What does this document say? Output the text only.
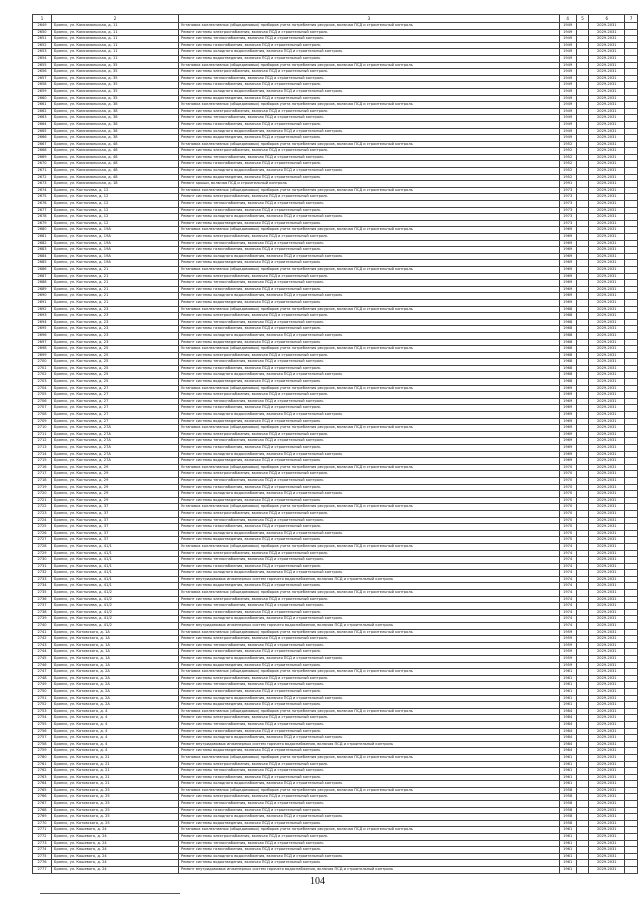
1	2	3	4	5	6	7
2649	Брянск, ул. Комсомольская, д. 11	Установка коллективных (общедомовых) приборов учета потребления ресурсов, включая ПСД и строительный контроль	1949		2029-2031	
2650	Брянск, ул. Комсомольская, д. 11	Ремонт системы электроснабжения, включая ПСД и строительный контроль	1949		2029-2031	
2651	Брянск, ул. Комсомольская, д. 11	Ремонт системы теплоснабжения, включая ПСД и строительный контроль	1949		2029-2031	
2652	Брянск, ул. Комсомольская, д. 11	Ремонт системы газоснабжения, включая ПСД и строительный контроль	1949		2029-2031	
2653	Брянск, ул. Комсомольская, д. 11	Ремонт системы холодного водоснабжения, включая ПСД и строительный контроль	1949		2029-2031	
2654	Брянск, ул. Комсомольская, д. 11	Ремонт системы водоотведения, включая ПСД и строительный контроль	1949		2029-2031	
2655	Брянск, ул. Комсомольская, д. 35	Установка коллективных (общедомовых) приборов учета потребления ресурсов, включая ПСД и строительный контроль	1949		2029-2031	
2656	Брянск, ул. Комсомольская, д. 35	Ремонт системы электроснабжения, включая ПСД и строительный контроль	1949		2029-2031	
2657	Брянск, ул. Комсомольская, д. 35	Ремонт системы теплоснабжения, включая ПСД и строительный контроль	1949		2029-2031	
2658	Брянск, ул. Комсомольская, д. 35	Ремонт системы газоснабжения, включая ПСД и строительный контроль	1949		2029-2031	
2659	Брянск, ул. Комсомольская, д. 35	Ремонт системы холодного водоснабжения, включая ПСД и строительный контроль	1949		2029-2031	
2660	Брянск, ул. Комсомольская, д. 35	Ремонт системы водоотведения, включая ПСД и строительный контроль	1949		2029-2031	
2661	Брянск, ул. Комсомольская, д. 38	Установка коллективных (общедомовых) приборов учета потребления ресурсов, включая ПСД и строительный контроль	1949		2029-2031	
2662	Брянск, ул. Комсомольская, д. 38	Ремонт системы электроснабжения, включая ПСД и строительный контроль	1949		2029-2031	
2663	Брянск, ул. Комсомольская, д. 38	Ремонт системы теплоснабжения, включая ПСД и строительный контроль	1949		2029-2031	
2664	Брянск, ул. Комсомольская, д. 38	Ремонт системы газоснабжения, включая ПСД и строительный контроль	1949		2029-2031	
2665	Брянск, ул. Комсомольская, д. 38	Ремонт системы холодного водоснабжения, включая ПСД и строительный контроль	1949		2029-2031	
2666	Брянск, ул. Комсомольская, д. 38	Ремонт системы водоотведения, включая ПСД и строительный контроль	1949		2029-2031	
2667	Брянск, ул. Комсомольская, д. 48	Установка коллективных (общедомовых) приборов учета потребления ресурсов, включая ПСД и строительный контроль	1952		2029-2031	
2668	Брянск, ул. Комсомольская, д. 48	Ремонт системы электроснабжения, включая ПСД и строительный контроль	1952		2029-2031	
2669	Брянск, ул. Комсомольская, д. 48	Ремонт системы теплоснабжения, включая ПСД и строительный контроль	1952		2029-2031	
2670	Брянск, ул. Комсомольская, д. 48	Ремонт системы газоснабжения, включая ПСД и строительный контроль	1952		2029-2031	
2671	Брянск, ул. Комсомольская, д. 48	Ремонт системы холодного водоснабжения, включая ПСД и строительный контроль	1952		2029-2031	
2672	Брянск, ул. Комсомольская, д. 48	Ремонт системы водоотведения, включая ПСД и строительный контроль	1952		2029-2031	
2673	Брянск, ул. Комсомольская, д. 18	Ремонт крыши, включая ПСД и строительный контроль	1991		2029-2031	
2674	Брянск, ул. Костычева, д. 12	Установка коллективных (общедомовых) приборов учета потребления ресурсов, включая ПСД и строительный контроль	1973		2029-2031	
2675	Брянск, ул. Костычева, д. 12	Ремонт системы электроснабжения, включая ПСД и строительный контроль	1973		2029-2031	
2676	Брянск, ул. Костычева, д. 12	Ремонт системы теплоснабжения, включая ПСД и строительный контроль	1973		2029-2031	
2677	Брянск, ул. Костычева, д. 12	Ремонт системы газоснабжения, включая ПСД и строительный контроль	1973		2029-2031	
2678	Брянск, ул. Костычева, д. 12	Ремонт системы холодного водоснабжения, включая ПСД и строительный контроль	1973		2029-2031	
2679	Брянск, ул. Костычева, д. 12	Ремонт системы водоотведения, включая ПСД и строительный контроль	1973		2029-2031	
2680	Брянск, ул. Костычева, д. 19А	Установка коллективных (общедомовых) приборов учета потребления ресурсов, включая ПСД и строительный контроль	1969		2029-2031	
2681	Брянск, ул. Костычева, д. 19А	Ремонт системы электроснабжения, включая ПСД и строительный контроль	1969		2029-2031	
2682	Брянск, ул. Костычева, д. 19А	Ремонт системы теплоснабжения, включая ПСД и строительный контроль	1969		2029-2031	
2683	Брянск, ул. Костычева, д. 19А	Ремонт системы газоснабжения, включая ПСД и строительный контроль	1969		2029-2031	
2684	Брянск, ул. Костычева, д. 19А	Ремонт системы холодного водоснабжения, включая ПСД и строительный контроль	1969		2029-2031	
2685	Брянск, ул. Костычева, д. 19А	Ремонт системы водоотведения, включая ПСД и строительный контроль	1969		2029-2031	
2686	Брянск, ул. Костычева, д. 21	Установка коллективных (общедомовых) приборов учета потребления ресурсов, включая ПСД и строительный контроль	1969		2029-2031	
2687	Брянск, ул. Костычева, д. 21	Ремонт системы электроснабжения, включая ПСД и строительный контроль	1969		2029-2031	
2688	Брянск, ул. Костычева, д. 21	Ремонт системы теплоснабжения, включая ПСД и строительный контроль	1969		2029-2031	
2689	Брянск, ул. Костычева, д. 21	Ремонт системы газоснабжения, включая ПСД и строительный контроль	1969		2029-2031	
2690	Брянск, ул. Костычева, д. 21	Ремонт системы холодного водоснабжения, включая ПСД и строительный контроль	1969		2029-2031	
2691	Брянск, ул. Костычева, д. 21	Ремонт системы водоотведения, включая ПСД и строительный контроль	1969		2029-2031	
2692	Брянск, ул. Костычева, д. 23	Установка коллективных (общедомовых) приборов учета потребления ресурсов, включая ПСД и строительный контроль	1968		2029-2031	
2693	Брянск, ул. Костычева, д. 23	Ремонт системы электроснабжения, включая ПСД и строительный контроль	1968		2029-2031	
2694	Брянск, ул. Костычева, д. 23	Ремонт системы теплоснабжения, включая ПСД и строительный контроль	1968		2029-2031	
2695	Брянск, ул. Костычева, д. 23	Ремонт системы газоснабжения, включая ПСД и строительный контроль	1968		2029-2031	
2696	Брянск, ул. Костычева, д. 23	Ремонт системы холодного водоснабжения, включая ПСД и строительный контроль	1968		2029-2031	
2697	Брянск, ул. Костычева, д. 23	Ремонт системы водоотведения, включая ПСД и строительный контроль	1968		2029-2031	
2698	Брянск, ул. Костычева, д. 25	Установка коллективных (общедомовых) приборов учета потребления ресурсов, включая ПСД и строительный контроль	1968		2029-2031	
2699	Брянск, ул. Костычева, д. 25	Ремонт системы электроснабжения, включая ПСД и строительный контроль	1968		2029-2031	
2700	Брянск, ул. Костычева, д. 25	Ремонт системы теплоснабжения, включая ПСД и строительный контроль	1968		2029-2031	
2701	Брянск, ул. Костычева, д. 25	Ремонт системы газоснабжения, включая ПСД и строительный контроль	1968		2029-2031	
2702	Брянск, ул. Костычева, д. 25	Ремонт системы холодного водоснабжения, включая ПСД и строительный контроль	1968		2029-2031	
2703	Брянск, ул. Костычева, д. 25	Ремонт системы водоотведения, включая ПСД и строительный контроль	1968		2029-2031	
2704	Брянск, ул. Костычева, д. 27	Установка коллективных (общедомовых) приборов учета потребления ресурсов, включая ПСД и строительный контроль	1969		2029-2031	
2705	Брянск, ул. Костычева, д. 27	Ремонт системы электроснабжения, включая ПСД и строительный контроль	1969		2029-2031	
2706	Брянск, ул. Костычева, д. 27	Ремонт системы теплоснабжения, включая ПСД и строительный контроль	1969		2029-2031	
2707	Брянск, ул. Костычева, д. 27	Ремонт системы газоснабжения, включая ПСД и строительный контроль	1969		2029-2031	
2708	Брянск, ул. Костычева, д. 27	Ремонт системы холодного водоснабжения, включая ПСД и строительный контроль	1969		2029-2031	
2709	Брянск, ул. Костычева, д. 27	Ремонт системы водоотведения, включая ПСД и строительный контроль	1969		2029-2031	
2710	Брянск, ул. Костычева, д. 27А	Установка коллективных (общедомовых) приборов учета потребления ресурсов, включая ПСД и строительный контроль	1969		2029-2031	
2711	Брянск, ул. Костычева, д. 27А	Ремонт системы электроснабжения, включая ПСД и строительный контроль	1969		2029-2031	
2712	Брянск, ул. Костычева, д. 27А	Ремонт системы теплоснабжения, включая ПСД и строительный контроль	1969		2029-2031	
2713	Брянск, ул. Костычева, д. 27А	Ремонт системы газоснабжения, включая ПСД и строительный контроль	1969		2029-2031	
2714	Брянск, ул. Костычева, д. 27А	Ремонт системы холодного водоснабжения, включая ПСД и строительный контроль	1969		2029-2031	
2715	Брянск, ул. Костычева, д. 27А	Ремонт системы водоотведения, включая ПСД и строительный контроль	1969		2029-2031	
2716	Брянск, ул. Костычева, д. 29	Установка коллективных (общедомовых) приборов учета потребления ресурсов, включая ПСД и строительный контроль	1970		2029-2031	
2717	Брянск, ул. Костычева, д. 29	Ремонт системы электроснабжения, включая ПСД и строительный контроль	1970		2029-2031	
2718	Брянск, ул. Костычева, д. 29	Ремонт системы теплоснабжения, включая ПСД и строительный контроль	1970		2029-2031	
2719	Брянск, ул. Костычева, д. 29	Ремонт системы газоснабжения, включая ПСД и строительный контроль	1970		2029-2031	
2720	Брянск, ул. Костычева, д. 29	Ремонт системы холодного водоснабжения, включая ПСД и строительный контроль	1970		2029-2031	
2721	Брянск, ул. Костычева, д. 29	Ремонт системы водоотведения, включая ПСД и строительный контроль	1970		2029-2031	
2722	Брянск, ул. Костычева, д. 37	Установка коллективных (общедомовых) приборов учета потребления ресурсов, включая ПСД и строительный контроль	1970		2029-2031	
2723	Брянск, ул. Костычева, д. 37	Ремонт системы электроснабжения, включая ПСД и строительный контроль	1970		2029-2031	
2724	Брянск, ул. Костычева, д. 37	Ремонт системы теплоснабжения, включая ПСД и строительный контроль	1970		2029-2031	
2725	Брянск, ул. Костычева, д. 37	Ремонт системы газоснабжения, включая ПСД и строительный контроль	1970		2029-2031	
2726	Брянск, ул. Костычева, д. 37	Ремонт системы холодного водоснабжения, включая ПСД и строительный контроль	1970		2029-2031	
2727	Брянск, ул. Костычева, д. 37	Ремонт системы водоотведения, включая ПСД и строительный контроль	1970		2029-2031	
2728	Брянск, ул. Костычева, д. 41/1	Установка коллективных (общедомовых) приборов учета потребления ресурсов, включая ПСД и строительный контроль	1974		2029-2031	
2729	Брянск, ул. Костычева, д. 41/1	Ремонт системы электроснабжения, включая ПСД и строительный контроль	1974		2029-2031	
2730	Брянск, ул. Костычева, д. 41/1	Ремонт системы теплоснабжения, включая ПСД и строительный контроль	1974		2029-2031	
2731	Брянск, ул. Костычева, д. 41/1	Ремонт системы газоснабжения, включая ПСД и строительный контроль	1974		2029-2031	
2732	Брянск, ул. Костычева, д. 41/1	Ремонт системы холодного водоснабжения, включая ПСД и строительный контроль	1974		2029-2031	
2733	Брянск, ул. Костычева, д. 41/1	Ремонт внутридомовых инженерных систем горячего водоснабжения, включая ПСД и строительный контроль	1974		2029-2031	
2734	Брянск, ул. Костычева, д. 41/1	Ремонт системы водоотведения, включая ПСД и строительный контроль	1974		2029-2031	
2735	Брянск, ул. Костычева, д. 41/2	Установка коллективных (общедомовых) приборов учета потребления ресурсов, включая ПСД и строительный контроль	1974		2029-2031	
2736	Брянск, ул. Костычева, д. 41/2	Ремонт системы электроснабжения, включая ПСД и строительный контроль	1974		2029-2031	
2737	Брянск, ул. Костычева, д. 41/2	Ремонт системы теплоснабжения, включая ПСД и строительный контроль	1974		2029-2031	
2738	Брянск, ул. Костычева, д. 41/2	Ремонт системы газоснабжения, включая ПСД и строительный контроль	1974		2029-2031	
2739	Брянск, ул. Костычева, д. 41/2	Ремонт системы холодного водоснабжения, включая ПСД и строительный контроль	1974		2029-2031	
2740	Брянск, ул. Костычева, д. 41/2	Ремонт внутридомовых инженерных систем горячего водоснабжения, включая ПСД и строительный контроль	1974		2029-2031	
2741	Брянск, ул. Котовского, д. 1А	Установка коллективных (общедомовых) приборов учета потребления ресурсов, включая ПСД и строительный контроль	1959		2029-2031	
2742	Брянск, ул. Котовского, д. 1А	Ремонт системы электроснабжения, включая ПСД и строительный контроль	1959		2029-2031	
2743	Брянск, ул. Котовского, д. 1А	Ремонт системы теплоснабжения, включая ПСД и строительный контроль	1959		2029-2031	
2744	Брянск, ул. Котовского, д. 1А	Ремонт системы газоснабжения, включая ПСД и строительный контроль	1959		2029-2031	
2745	Брянск, ул. Котовского, д. 1А	Ремонт системы холодного водоснабжения, включая ПСД и строительный контроль	1959		2029-2031	
2746	Брянск, ул. Котовского, д. 1А	Ремонт системы водоотведения, включая ПСД и строительный контроль	1959		2029-2031	
2747	Брянск, ул. Котовского, д. 2А	Установка коллективных (общедомовых) приборов учета потребления ресурсов, включая ПСД и строительный контроль	1961		2029-2031	
2748	Брянск, ул. Котовского, д. 2А	Ремонт системы электроснабжения, включая ПСД и строительный контроль	1961		2029-2031	
2749	Брянск, ул. Котовского, д. 2А	Ремонт системы теплоснабжения, включая ПСД и строительный контроль	1961		2029-2031	
2750	Брянск, ул. Котовского, д. 2А	Ремонт системы газоснабжения, включая ПСД и строительный контроль	1961		2029-2031	
2751	Брянск, ул. Котовского, д. 2А	Ремонт системы холодного водоснабжения, включая ПСД и строительный контроль	1961		2029-2031	
2752	Брянск, ул. Котовского, д. 2А	Ремонт системы водоотведения, включая ПСД и строительный контроль	1961		2029-2031	
2753	Брянск, ул. Котовского, д. 4	Установка коллективных (общедомовых) приборов учета потребления ресурсов, включая ПСД и строительный контроль	1984		2029-2031	
2754	Брянск, ул. Котовского, д. 4	Ремонт системы электроснабжения, включая ПСД и строительный контроль	1984		2029-2031	
2755	Брянск, ул. Котовского, д. 4	Ремонт системы теплоснабжения, включая ПСД и строительный контроль	1984		2029-2031	
2756	Брянск, ул. Котовского, д. 4	Ремонт системы газоснабжения, включая ПСД и строительный контроль	1984		2029-2031	
2757	Брянск, ул. Котовского, д. 4	Ремонт системы холодного водоснабжения, включая ПСД и строительный контроль	1984		2029-2031	
2758	Брянск, ул. Котовского, д. 4	Ремонт внутридомовых инженерных систем горячего водоснабжения, включая ПСД и строительный контроль	1984		2029-2031	
2759	Брянск, ул. Котовского, д. 4	Ремонт системы водоотведения, включая ПСД и строительный контроль	1984		2029-2031	
2760	Брянск, ул. Котовского, д. 21	Установка коллективных (общедомовых) приборов учета потребления ресурсов, включая ПСД и строительный контроль	1961		2029-2031	
2761	Брянск, ул. Котовского, д. 21	Ремонт системы электроснабжения, включая ПСД и строительный контроль	1961		2029-2031	
2762	Брянск, ул. Котовского, д. 21	Ремонт системы теплоснабжения, включая ПСД и строительный контроль	1961		2029-2031	
2763	Брянск, ул. Котовского, д. 21	Ремонт системы газоснабжения, включая ПСД и строительный контроль	1961		2029-2031	
2764	Брянск, ул. Котовского, д. 21	Ремонт системы холодного водоснабжения, включая ПСД и строительный контроль	1961		2029-2031	
2765	Брянск, ул. Котовского, д. 25	Установка коллективных (общедомовых) приборов учета потребления ресурсов, включая ПСД и строительный контроль	1958		2029-2031	
2766	Брянск, ул. Котовского, д. 25	Ремонт системы электроснабжения, включая ПСД и строительный контроль	1958		2029-2031	
2767	Брянск, ул. Котовского, д. 25	Ремонт системы теплоснабжения, включая ПСД и строительный контроль	1958		2029-2031	
2768	Брянск, ул. Котовского, д. 25	Ремонт системы газоснабжения, включая ПСД и строительный контроль	1958		2029-2031	
2769	Брянск, ул. Котовского, д. 25	Ремонт системы холодного водоснабжения, включая ПСД и строительный контроль	1958		2029-2031	
2770	Брянск, ул. Котовского, д. 25	Ремонт системы водоотведения, включая ПСД и строительный контроль	1958		2029-2031	
2771	Брянск, ул. Кошевого, д. 24	Установка коллективных (общедомовых) приборов учета потребления ресурсов, включая ПСД и строительный контроль	1961		2029-2031	
2772	Брянск, ул. Кошевого, д. 24	Ремонт системы электроснабжения, включая ПСД и строительный контроль	1961		2029-2031	
2773	Брянск, ул. Кошевого, д. 24	Ремонт системы теплоснабжения, включая ПСД и строительный контроль	1961		2029-2031	
2774	Брянск, ул. Кошевого, д. 24	Ремонт системы газоснабжения, включая ПСД и строительный контроль	1961		2029-2031	
2775	Брянск, ул. Кошевого, д. 24	Ремонт системы холодного водоснабжения, включая ПСД и строительный контроль	1961		2029-2031	
2776	Брянск, ул. Кошевого, д. 24	Ремонт системы водоотведения, включая ПСД и строительный контроль	1961		2029-2031	
2777	Брянск, ул. Кошевого, д. 24	Ремонт внутридомовых инженерных систем горячего водоснабжения, включая ПСД и строительный контроль	1961		2029-2031	
104
